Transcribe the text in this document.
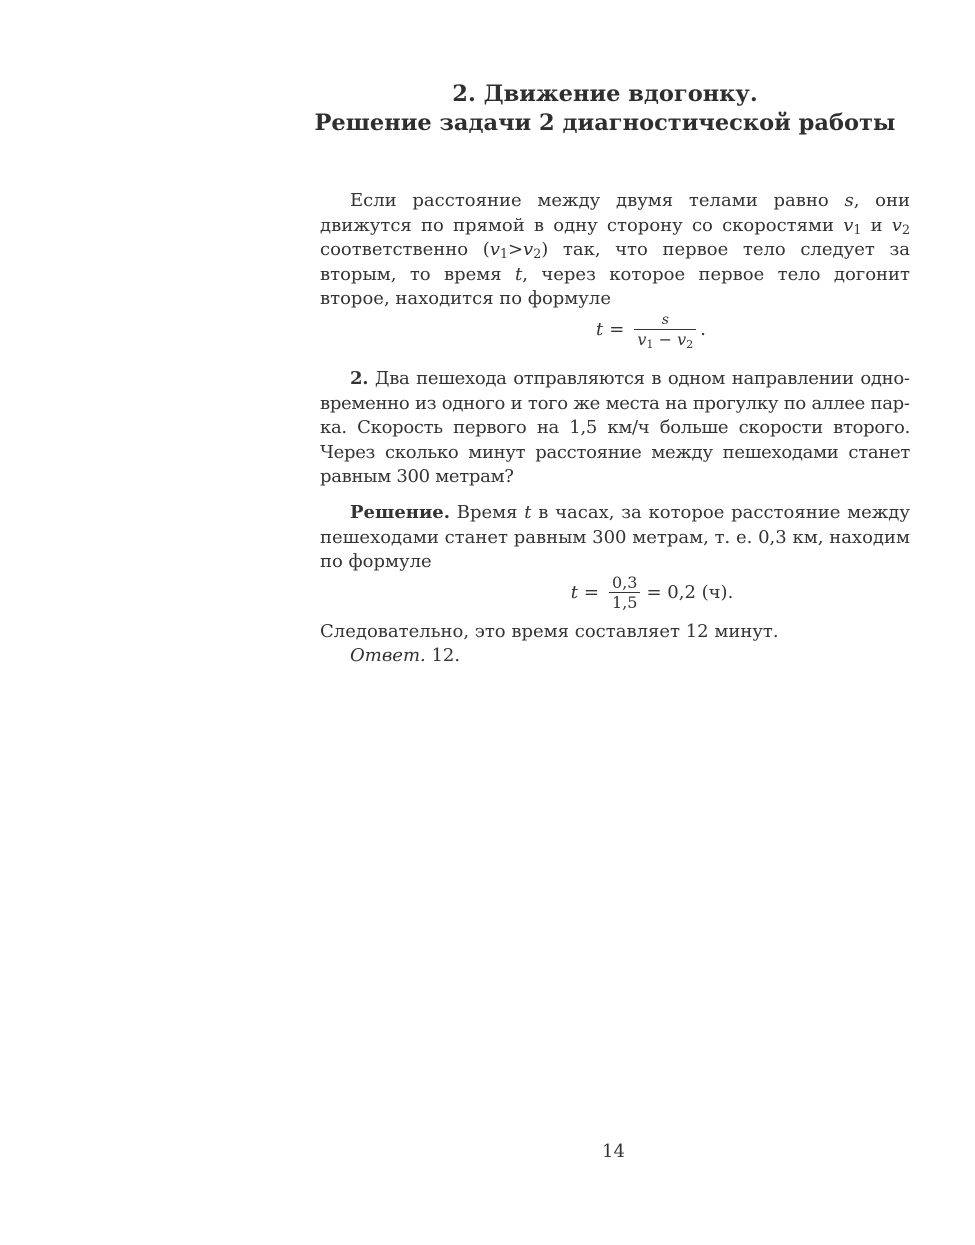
2. Движение вдогонку.
Решение задачи 2 диагностической работы

Если расстояние между двумя телами равно s, они движутся по прямой в одну сторону со скоростями $v_1$ и $v_2$ соответственно $(v_1>v_2)$ так, что первое тело следует за вторым, то время t, через которое первое тело догонит второе, находится по формуле

$t = \frac{s}{v_1 - v_2}$ .

2. Два пешехода отправляются в одном направлении одновременно из одного и того же места на прогулку по аллее парка. Скорость первого на 1,5 км/ч больше скорости второго. Через сколько минут расстояние между пешеходами станет равным 300 метрам?

Решение. Время t в часах, за которое расстояние между пешеходами станет равным 300 метрам, т. е. 0,3 км, находим по формуле

$t = \frac{0,3}{1,5} = 0,2$ (ч).

Следовательно, это время составляет 12 минут.

Ответ. 12.

14
